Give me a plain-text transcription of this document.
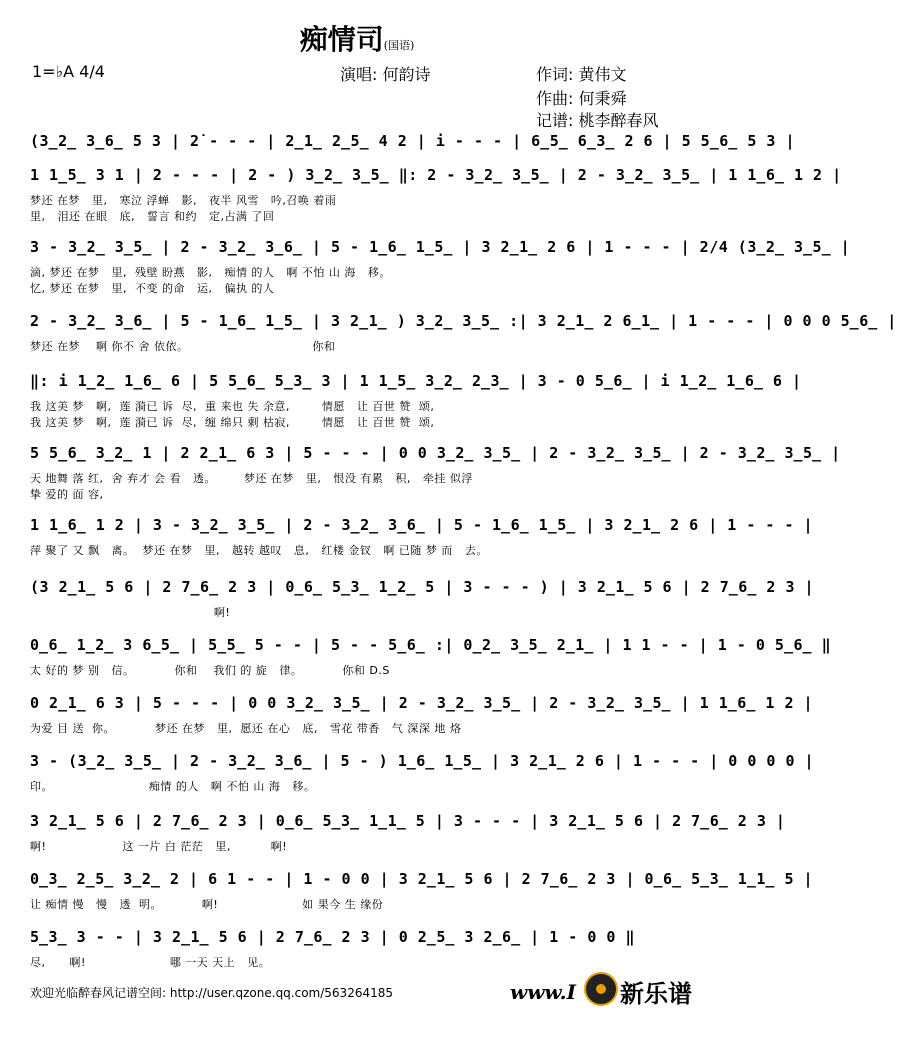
痴情司(国语)
1=♭A 4/4	演唱: 何韵诗	作词: 黄伟文
作曲: 何秉舜
记谱: 桃李醉春风
(3̲2̲ 3̲6̲ 5 3 | 2̇ - - - | 2̲1̲ 2̲5̲ 4 2 | i - - - | 6̲5̲ 6̲3̲ 2 6 | 5 5̲6̲ 5 3 |
1 1̲5̲ 3 1 | 2 - - - | 2 - ) 3̲2̲ 3̲5̲ ‖: 2 - 3̲2̲ 3̲5̲ | 2 - 3̲2̲ 3̲5̲ | 1 1̲6̲ 1 2 |
梦还 在梦   里,   寒泣 浮蝉   影,   夜半 风雪   吟,召唤 着雨
里,   泪还 在眼   底,   誓言 和约   定,占满 了回
3 - 3̲2̲ 3̲5̲ | 2 - 3̲2̲ 3̲6̲ | 5 - 1̲6̲ 1̲5̲ | 3 2̲1̲ 2 6 | 1 - - - | 2/4 (3̲2̲ 3̲5̲ |
滴, 梦还 在梦   里,  残壁 盼燕   影,   痴情 的人   啊 不怕 山 海   移。
忆, 梦还 在梦   里,  不变 的命   运,   偏执 的人
2 - 3̲2̲ 3̲6̲ | 5 - 1̲6̲ 1̲5̲ | 3 2̲1̲ ) 3̲2̲ 3̲5̲ :| 3 2̲1̲ 2 6̲1̲ | 1 - - - | 0 0 0 5̲6̲ |
梦还 在梦    啊 你不 舍 依依。                               你和
‖: i 1̲2̲ 1̲6̲ 6 | 5 5̲6̲ 5̲3̲ 3 | 1 1̲5̲ 3̲2̲ 2̲3̲ | 3 - 0 5̲6̲ | i 1̲2̲ 1̲6̲ 6 |
我 这美 梦   啊,  莲 漪已 诉  尽,  重 来也 失 余意,        情愿   让 百世 赞  颂,
我 这美 梦   啊,  莲 漪已 诉  尽,  缠 绵只 剩 枯寂,        情愿   让 百世 赞  颂,
5 5̲6̲ 3̲2̲ 1 | 2 2̲1̲ 6 3 | 5 - - - | 0 0 3̲2̲ 3̲5̲ | 2 - 3̲2̲ 3̲5̲ | 2 - 3̲2̲ 3̲5̲ |
天 地舞 落 红,  舍 弃才 会 看   透。       梦还 在梦   里,   恨没 有累   积,   牵挂 似浮
挚 爱的 面 容,
1 1̲6̲ 1 2 | 3 - 3̲2̲ 3̲5̲ | 2 - 3̲2̲ 3̲6̲ | 5 - 1̲6̲ 1̲5̲ | 3 2̲1̲ 2 6 | 1 - - - |
萍 聚了 又 飘   离。  梦还 在梦   里,   越转 越叹   息,   红楼 金钗   啊 已随 梦 而   去。
(3 2̲1̲ 5 6 | 2 7̲6̲ 2 3 | 0̲6̲ 5̲3̲ 1̲2̲ 5 | 3 - - - ) | 3 2̲1̲ 5 6 | 2 7̲6̲ 2 3 |
啊!
0̲6̲ 1̲2̲ 3 6̲5̲ | 5̲5̲ 5 - - | 5 - - 5̲6̲ :| 0̲2̲ 3̲5̲ 2̲1̲ | 1 1 - - | 1 - 0 5̲6̲ ‖
太 好的 梦 别   信。          你和    我们 的 旋   律。          你和 D.S
0 2̲1̲ 6 3 | 5 - - - | 0 0 3̲2̲ 3̲5̲ | 2 - 3̲2̲ 3̲5̲ | 2 - 3̲2̲ 3̲5̲ | 1 1̲6̲ 1 2 |
为爱 目 送  你。          梦还 在梦   里,  愿还 在心   底,   雪花 带香   气 深深 地 烙
3 - (3̲2̲ 3̲5̲ | 2 - 3̲2̲ 3̲6̲ | 5 - ) 1̲6̲ 1̲5̲ | 3 2̲1̲ 2 6 | 1 - - - | 0 0 0 0 |
印。                        痴情 的人   啊 不怕 山 海   移。
3 2̲1̲ 5 6 | 2 7̲6̲ 2 3 | 0̲6̲ 5̲3̲ 1̲1̲ 5 | 3 - - - | 3 2̲1̲ 5 6 | 2 7̲6̲ 2 3 |
啊!                   这 一片 白 茫茫   里,          啊!
0̲3̲ 2̲5̲ 3̲2̲ 2 | 6 1 - - | 1 - 0 0 | 3 2̲1̲ 5 6 | 2 7̲6̲ 2 3 | 0̲6̲ 5̲3̲ 1̲1̲ 5 |
让 痴情 慢   慢   透  明。          啊!                     如 果今 生 缘份
5̲3̲ 3 - - | 3 2̲1̲ 5 6 | 2 7̲6̲ 2 3 | 0 2̲5̲ 3 2̲6̲ | 1 - 0 0 ‖
尽,      啊!                     哪 一天 天上   见。
欢迎光临醉春风记谱空间: http://user.qzone.qq.com/563264185

	www.I

新乐谱
